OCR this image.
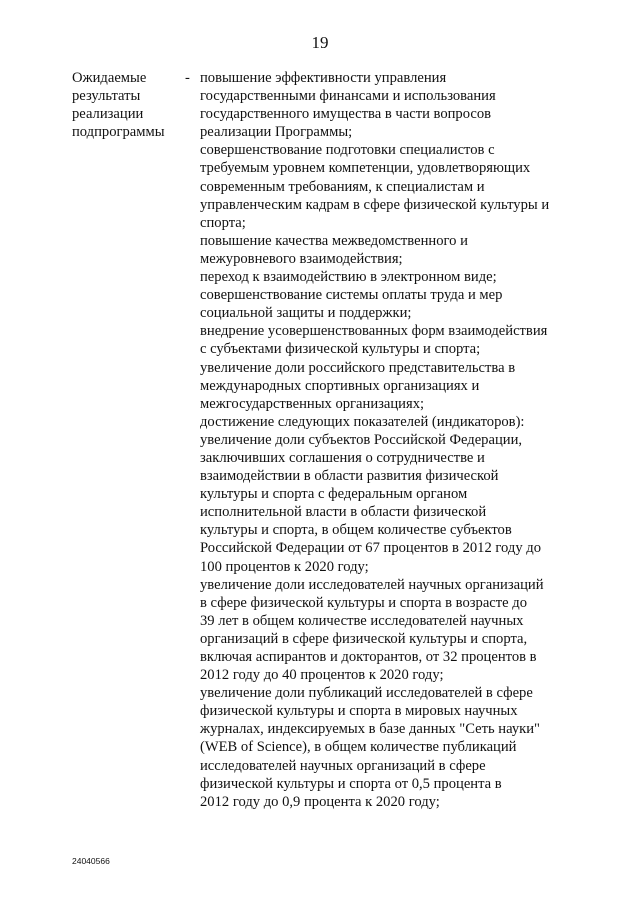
19
Ожидаемые
результаты
реализации
подпрограммы
- повышение эффективности управления
государственными финансами и использования
государственного имущества в части вопросов
реализации Программы;
совершенствование подготовки специалистов с
требуемым уровнем компетенции, удовлетворяющих
современным требованиям, к специалистам и
управленческим кадрам в сфере физической культуры и
спорта;
повышение качества межведомственного и
межуровневого взаимодействия;
переход к взаимодействию в электронном виде;
совершенствование системы оплаты труда и мер
социальной защиты и поддержки;
внедрение усовершенствованных форм взаимодействия
с субъектами физической культуры и спорта;
увеличение доли российского представительства в
международных спортивных организациях и
межгосударственных организациях;
достижение следующих показателей (индикаторов):
увеличение доли субъектов Российской Федерации,
заключивших соглашения о сотрудничестве и
взаимодействии в области развития физической
культуры и спорта с федеральным органом
исполнительной власти в области физической
культуры и спорта, в общем количестве субъектов
Российской Федерации от 67 процентов в 2012 году до
100 процентов к 2020 году;
увеличение доли исследователей научных организаций
в сфере физической культуры и спорта в возрасте до
39 лет в общем количестве исследователей научных
организаций в сфере физической культуры и спорта,
включая аспирантов и докторантов, от 32 процентов в
2012 году до 40 процентов к 2020 году;
увеличение доли публикаций исследователей в сфере
физической культуры и спорта в мировых научных
журналах, индексируемых в базе данных "Сеть науки"
(WEB of Science), в общем количестве публикаций
исследователей научных организаций в сфере
физической культуры и спорта от 0,5 процента в
2012 году до 0,9 процента к 2020 году;
24040566
